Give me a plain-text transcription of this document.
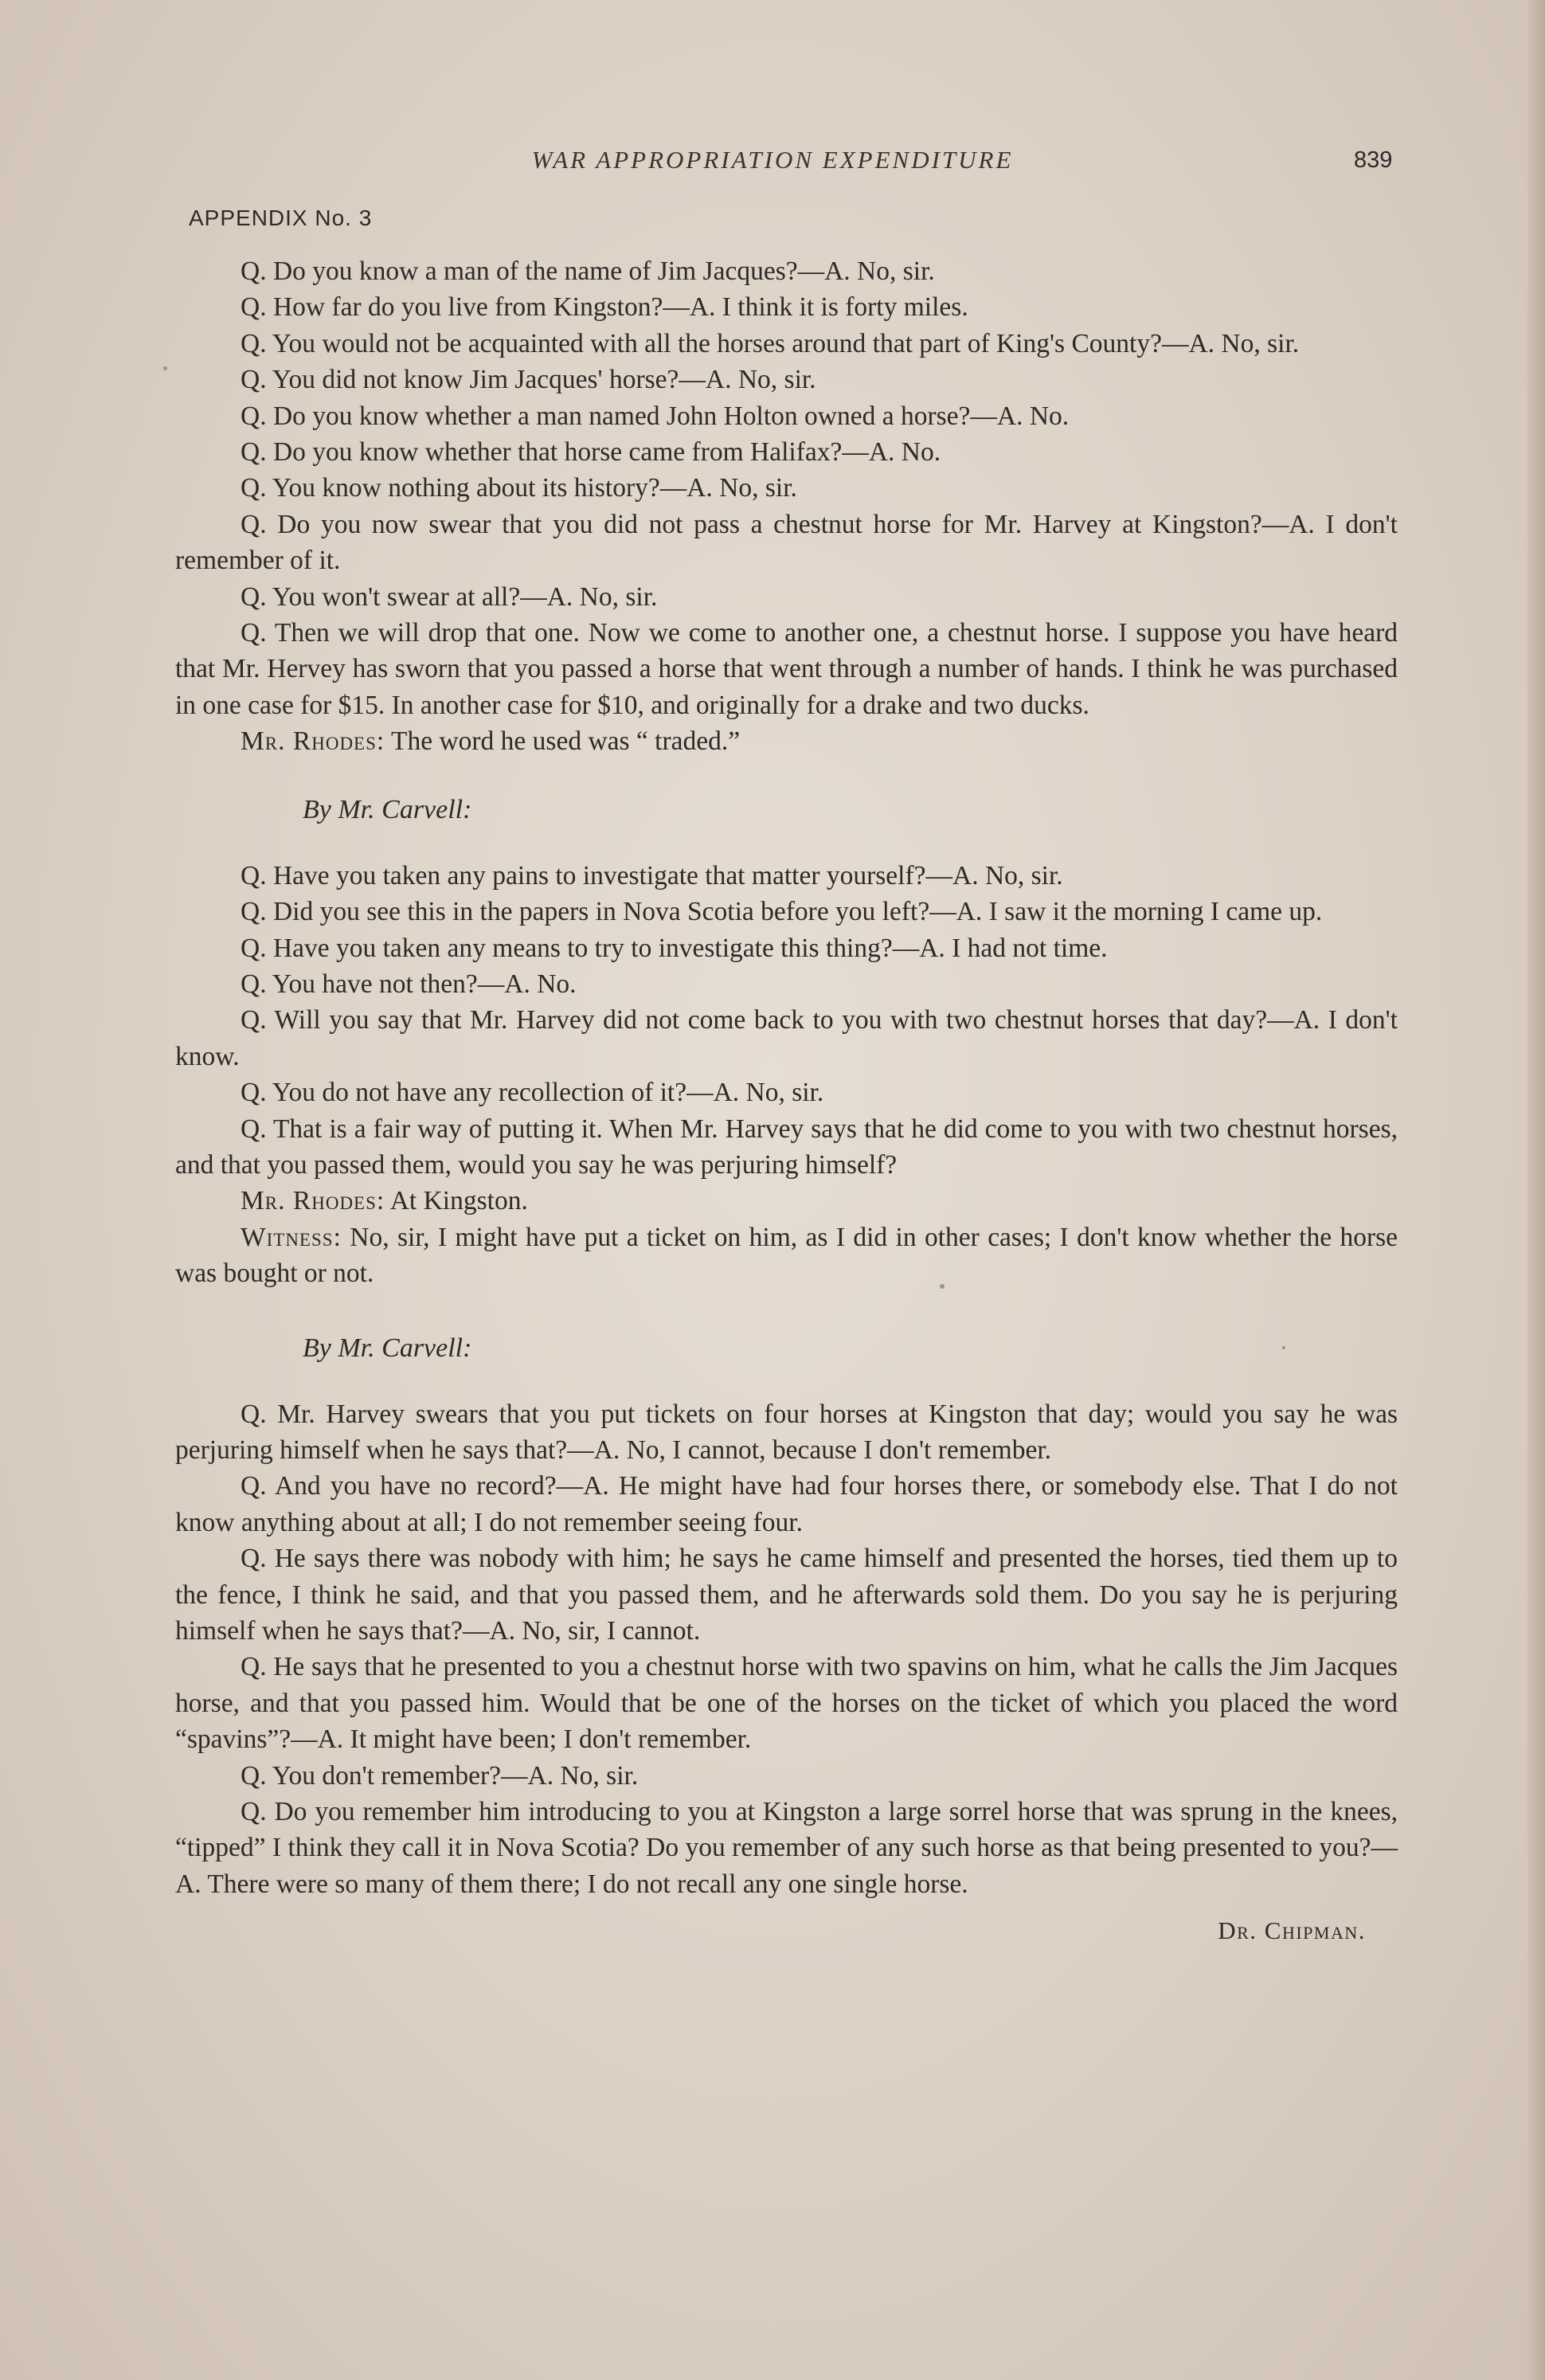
WAR APPROPRIATION EXPENDITURE	839
APPENDIX No. 3

Q. Do you know a man of the name of Jim Jacques?—A. No, sir.

Q. How far do you live from Kingston?—A. I think it is forty miles.

Q. You would not be acquainted with all the horses around that part of King's County?—A. No, sir.

Q. You did not know Jim Jacques' horse?—A. No, sir.

Q. Do you know whether a man named John Holton owned a horse?—A. No.

Q. Do you know whether that horse came from Halifax?—A. No.

Q. You know nothing about its history?—A. No, sir.

Q. Do you now swear that you did not pass a chestnut horse for Mr. Harvey at Kingston?—A. I don't remember of it.

Q. You won't swear at all?—A. No, sir.

Q. Then we will drop that one. Now we come to another one, a chestnut horse. I suppose you have heard that Mr. Hervey has sworn that you passed a horse that went through a number of hands. I think he was purchased in one case for $15. In another case for $10, and originally for a drake and two ducks.

Mr. Rhodes: The word he used was “ traded.”

By Mr. Carvell:

Q. Have you taken any pains to investigate that matter yourself?—A. No, sir.

Q. Did you see this in the papers in Nova Scotia before you left?—A. I saw it the morning I came up.

Q. Have you taken any means to try to investigate this thing?—A. I had not time.

Q. You have not then?—A. No.

Q. Will you say that Mr. Harvey did not come back to you with two chestnut horses that day?—A. I don't know.

Q. You do not have any recollection of it?—A. No, sir.

Q. That is a fair way of putting it. When Mr. Harvey says that he did come to you with two chestnut horses, and that you passed them, would you say he was perjuring himself?

Mr. Rhodes: At Kingston.

Witness: No, sir, I might have put a ticket on him, as I did in other cases; I don't know whether the horse was bought or not.

By Mr. Carvell:

Q. Mr. Harvey swears that you put tickets on four horses at Kingston that day; would you say he was perjuring himself when he says that?—A. No, I cannot, because I don't remember.

Q. And you have no record?—A. He might have had four horses there, or somebody else. That I do not know anything about at all; I do not remember seeing four.

Q. He says there was nobody with him; he says he came himself and presented the horses, tied them up to the fence, I think he said, and that you passed them, and he afterwards sold them. Do you say he is perjuring himself when he says that?—A. No, sir, I cannot.

Q. He says that he presented to you a chestnut horse with two spavins on him, what he calls the Jim Jacques horse, and that you passed him. Would that be one of the horses on the ticket of which you placed the word “spavins”?—A. It might have been; I don't remember.

Q. You don't remember?—A. No, sir.

Q. Do you remember him introducing to you at Kingston a large sorrel horse that was sprung in the knees, “tipped” I think they call it in Nova Scotia? Do you remember of any such horse as that being presented to you?—A. There were so many of them there; I do not recall any one single horse.

Dr. Chipman.
